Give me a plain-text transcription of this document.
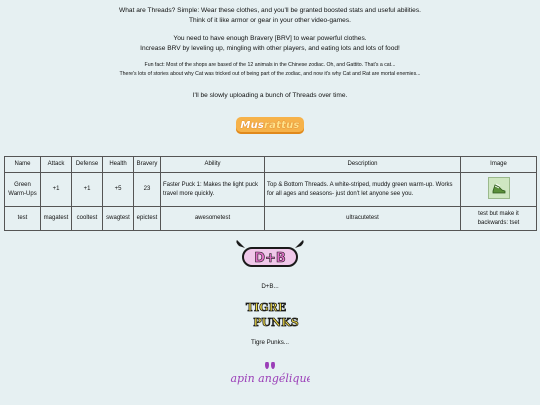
What are Threads? Simple: Wear these clothes, and you'll be granted boosted stats and useful abilities.
Think of it like armor or gear in your other video-games.
You need to have enough Bravery [BRV] to wear powerful clothes.
Increase BRV by leveling up, mingling with other players, and eating lots and lots of food!
Fun fact: Most of the shops are based of the 12 animals in the Chinese zodiac. Oh, and Gattito. That's a cat...
There's lots of stories about why Cat was tricked out of being part of the zodiac, and now it's why Cat and Rat are mortal enemies...
I'll be slowly uploading a bunch of Threads over time.
Mus rattus
Name	Attack	Defense	Health	Bravery	Ability	Description	Image
Green Warm-Ups	+1	+1	+5	23	Faster Puck 1: Makes the light puck travel more quickly.	Top & Bottom Threads. A white-striped, muddy green warm-up. Works for all ages and seasons- just don't let anyone see you.	

test	magatest	cooltest	swagtest	epictest	awesometest	ultracutetest	test but make it backwards: tset
D+B
D+B...
TIGRE
PUNKS
Tigre Punks...
lapin angélique
